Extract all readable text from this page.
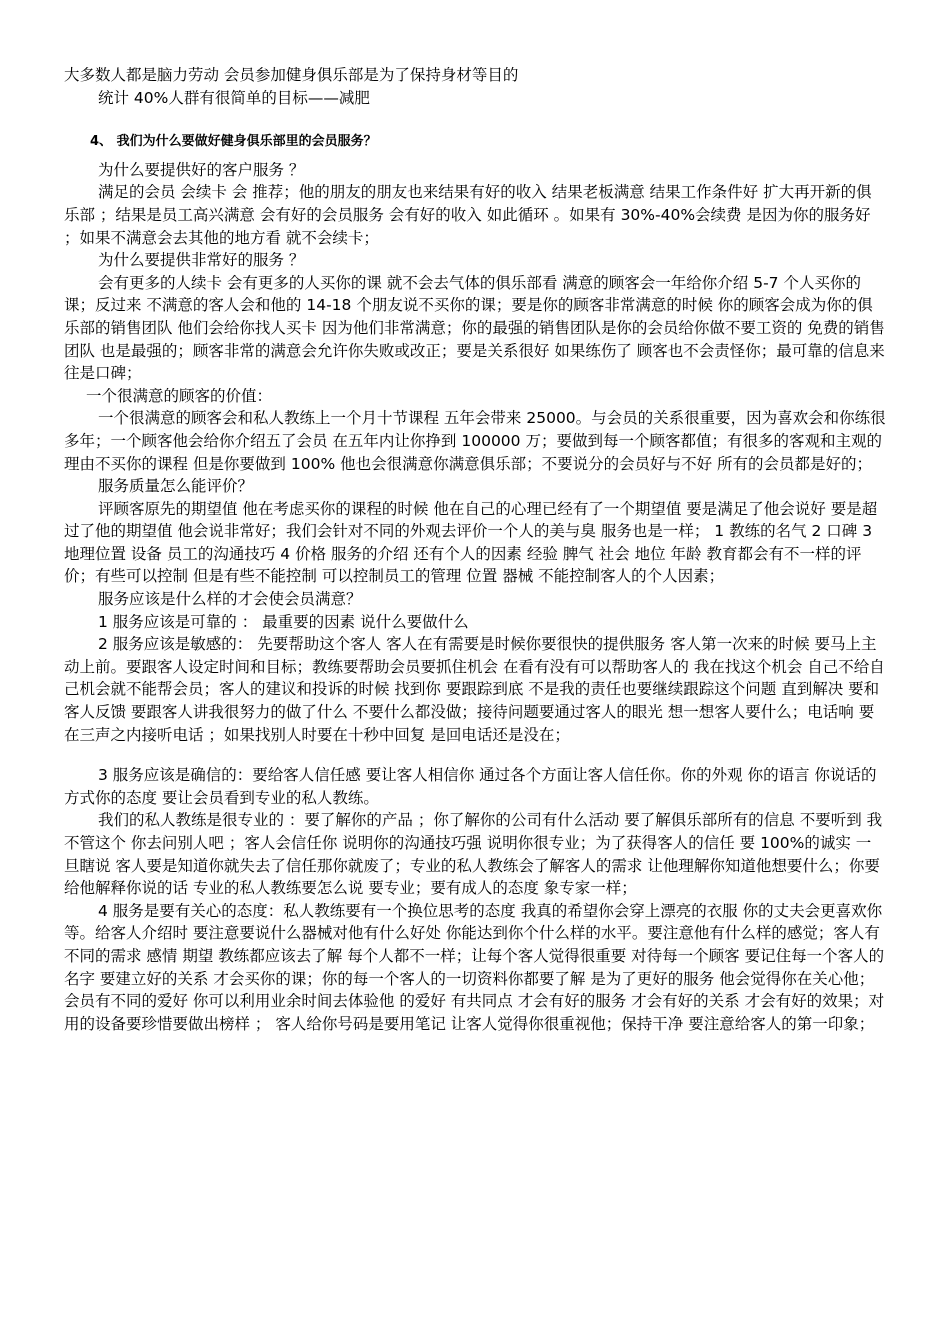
大多数人都是脑力劳动 会员参加健身俱乐部是为了保持身材等目的

统计 40%人群有很简单的目标——减肥

4、 我们为什么要做好健身俱乐部里的会员服务？

为什么要提供好的客户服务 ？

满足的会员 会续卡 会 推荐；他的朋友的朋友也来结果有好的收入 结果老板满意 结果工作条件好 扩大再开新的俱乐部 ；结果是员工高兴满意 会有好的会员服务 会有好的收入 如此循环 。如果有 30%-40%会续费 是因为你的服务好 ；如果不满意会去其他的地方看 就不会续卡；

为什么要提供非常好的服务 ？

会有更多的人续卡 会有更多的人买你的课 就不会去气体的俱乐部看 满意的顾客会一年给你介绍 5-7 个人买你的课；反过来 不满意的客人会和他的 14-18 个朋友说不买你的课；要是你的顾客非常满意的时候 你的顾客会成为你的俱乐部的销售团队 他们会给你找人买卡 因为他们非常满意；你的最强的销售团队是你的会员给你做不要工资的 免费的销售团队 也是最强的；顾客非常的满意会允许你失败或改正；要是关系很好 如果练伤了 顾客也不会责怪你；最可靠的信息来往是口碑；

一个很满意的顾客的价值：

一个很满意的顾客会和私人教练上一个月十节课程 五年会带来 25000。与会员的关系很重要，因为喜欢会和你练很多年；一个顾客他会给你介绍五了会员 在五年内让你挣到 100000 万；要做到每一个顾客都值；有很多的客观和主观的理由不买你的课程 但是你要做到 100% 他也会很满意你满意俱乐部；不要说分的会员好与不好 所有的会员都是好的；

服务质量怎么能评价？

评顾客原先的期望值 他在考虑买你的课程的时候 他在自己的心理已经有了一个期望值 要是满足了他会说好 要是超过了他的期望值 他会说非常好；我们会针对不同的外观去评价一个人的美与臭 服务也是一样； 1 教练的名气 2 口碑 3 地理位置 设备 员工的沟通技巧 4 价格 服务的介绍 还有个人的因素 经验 脾气 社会 地位 年龄 教育都会有不一样的评价；有些可以控制 但是有些不能控制 可以控制员工的管理 位置 器械 不能控制客人的个人因素；

服务应该是什么样的才会使会员满意？

1 服务应该是可靠的 ： 最重要的因素 说什么要做什么

2 服务应该是敏感的： 先要帮助这个客人 客人在有需要是时候你要很快的提供服务 客人第一次来的时候 要马上主动上前。要跟客人设定时间和目标；教练要帮助会员要抓住机会 在看有没有可以帮助客人的 我在找这个机会 自己不给自己机会就不能帮会员；客人的建议和投诉的时候 找到你 要跟踪到底 不是我的责任也要继续跟踪这个问题 直到解决 要和客人反馈 要跟客人讲我很努力的做了什么 不要什么都没做；接待问题要通过客人的眼光 想一想客人要什么；电话响 要在三声之内接听电话 ；如果找别人时要在十秒中回复 是回电话还是没在；

3 服务应该是确信的：要给客人信任感 要让客人相信你 通过各个方面让客人信任你。你的外观 你的语言 你说话的方式你的态度 要让会员看到专业的私人教练。

我们的私人教练是很专业的 ：要了解你的产品 ；你了解你的公司有什么活动 要了解俱乐部所有的信息 不要听到 我不管这个 你去问别人吧 ；客人会信任你 说明你的沟通技巧强 说明你很专业；为了获得客人的信任 要 100%的诚实 一旦瞎说 客人要是知道你就失去了信任那你就废了；专业的私人教练会了解客人的需求 让他理解你知道他想要什么；你要给他解释你说的话 专业的私人教练要怎么说 要专业；要有成人的态度 象专家一样；

4 服务是要有关心的态度：私人教练要有一个换位思考的态度 我真的希望你会穿上漂亮的衣服 你的丈夫会更喜欢你 等。给客人介绍时 要注意要说什么器械对他有什么好处 你能达到你个什么样的水平。要注意他有什么样的感觉；客人有不同的需求 感情 期望 教练都应该去了解 每个人都不一样；让每个客人觉得很重要 对待每一个顾客 要记住每一个客人的名字 要建立好的关系 才会买你的课；你的每一个客人的一切资料你都要了解 是为了更好的服务 他会觉得你在关心他；会员有不同的爱好 你可以利用业余时间去体验他 的爱好 有共同点 才会有好的服务 才会有好的关系 才会有好的效果；对用的设备要珍惜要做出榜样 ； 客人给你号码是要用笔记 让客人觉得你很重视他；保持干净 要注意给客人的第一印象；
